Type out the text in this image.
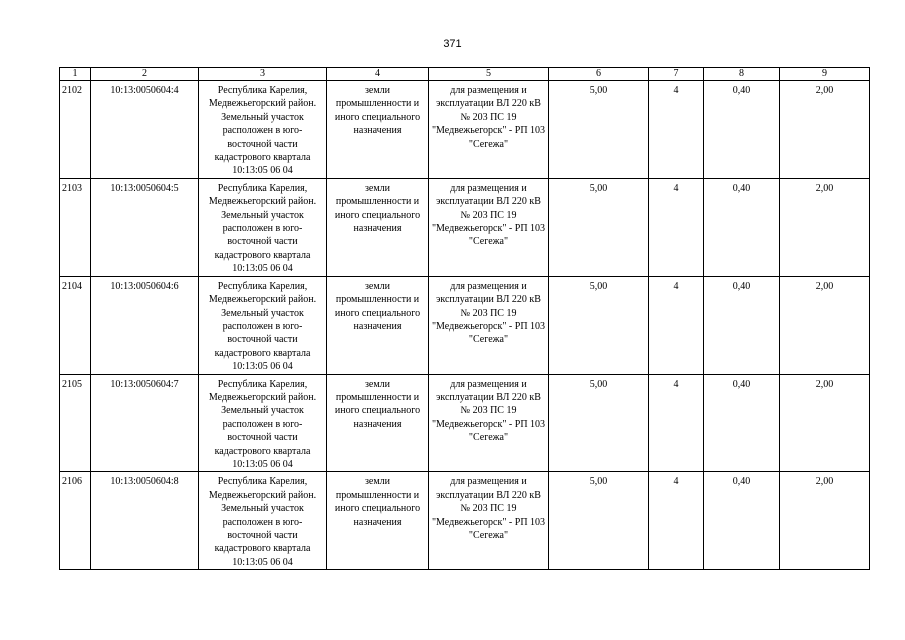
371
1	2	3	4	5	6	7	8	9
2102	10:13:0050604:4	Республика Карелия, Медвежьегорский район. Земельный участок расположен в юго-восточной части кадастрового квартала 10:13:05 06 04	земли промышленности и иного специального назначения	для размещения и эксплуатации ВЛ 220 кВ № 203 ПС 19 "Медвежьегорск" - РП 103 "Сегежа"	5,00	4	0,40	2,00
2103	10:13:0050604:5	Республика Карелия, Медвежьегорский район. Земельный участок расположен в юго-восточной части кадастрового квартала 10:13:05 06 04	земли промышленности и иного специального назначения	для размещения и эксплуатации ВЛ 220 кВ № 203 ПС 19 "Медвежьегорск" - РП 103 "Сегежа"	5,00	4	0,40	2,00
2104	10:13:0050604:6	Республика Карелия, Медвежьегорский район. Земельный участок расположен в юго-восточной части кадастрового квартала 10:13:05 06 04	земли промышленности и иного специального назначения	для размещения и эксплуатации ВЛ 220 кВ № 203 ПС 19 "Медвежьегорск" - РП 103 "Сегежа"	5,00	4	0,40	2,00
2105	10:13:0050604:7	Республика Карелия, Медвежьегорский район. Земельный участок расположен в юго-восточной части кадастрового квартала 10:13:05 06 04	земли промышленности и иного специального назначения	для размещения и эксплуатации ВЛ 220 кВ № 203 ПС 19 "Медвежьегорск" - РП 103 "Сегежа"	5,00	4	0,40	2,00
2106	10:13:0050604:8	Республика Карелия, Медвежьегорский район. Земельный участок расположен в юго-восточной части кадастрового квартала 10:13:05 06 04	земли промышленности и иного специального назначения	для размещения и эксплуатации ВЛ 220 кВ № 203 ПС 19 "Медвежьегорск" - РП 103 "Сегежа"	5,00	4	0,40	2,00
